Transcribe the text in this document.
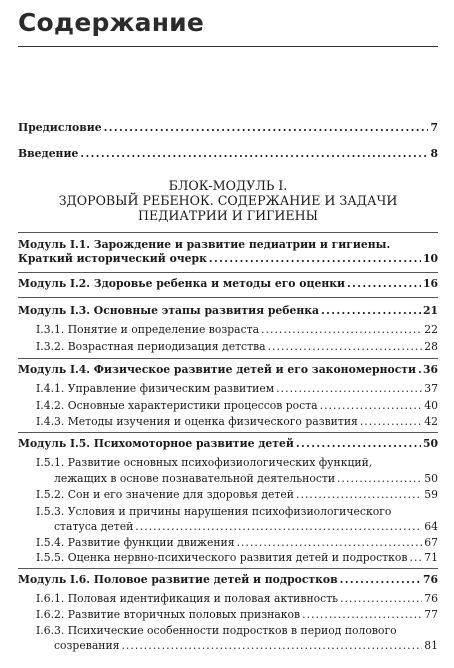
Содержание
Предисловие . . .	7
Введение . . .	8
БЛОК-МОДУЛЬ I.
ЗДОРОВЫЙ РЕБЕНОК. СОДЕРЖАНИЕ И ЗАДАЧИ
ПЕДИАТРИИ И ГИГИЕНЫ
Модуль I.1. Зарождение и развитие педиатрии и гигиены.
Краткий исторический очерк . . .	10
Модуль I.2. Здоровье ребенка и методы его оценки . . .	16
Модуль I.3. Основные этапы развития ребенка . . .	21
I.3.1. Понятие и определение возраста . . .	22
I.3.2. Возрастная периодизация детства . . .	28
Модуль I.4. Физическое развитие детей и его закономерности . . . 36
I.4.1. Управление физическим развитием . . .	37
I.4.2. Основные характеристики процессов роста . . .	40
I.4.3. Методы изучения и оценка физического развития . . .	42
Модуль I.5. Психомоторное развитие детей . . .	50
I.5.1. Развитие основных психофизиологических функций,
лежащих в основе познавательной деятельности . . .	50
I.5.2. Сон и его значение для здоровья детей . . .	59
I.5.3. Условия и причины нарушения психофизиологического
статуса детей . . .	64
I.5.4. Развитие функции движения . . .	67
I.5.5. Оценка нервно-психического развития детей и подростков . . . 71
Модуль I.6. Половое развитие детей и подростков . . .	76
I.6.1. Половая идентификация и половая активность . . .	76
I.6.2. Развитие вторичных половых признаков . . .	77
I.6.3. Психические особенности подростков в период полового
созревания . . .	81
